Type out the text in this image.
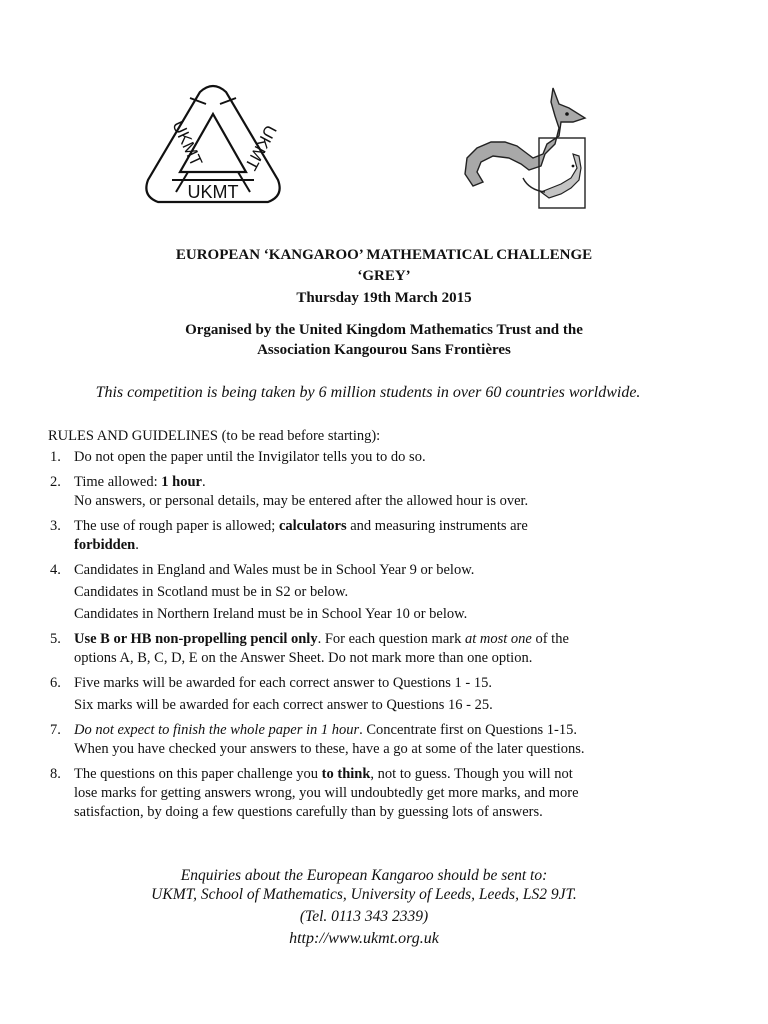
UKMT UKMT
UKMT
EUROPEAN ‘KANGAROO’ MATHEMATICAL CHALLENGE
‘GREY’
Thursday 19th March 2015
Organised by the United Kingdom Mathematics Trust and the
Association Kangourou Sans Frontières
This competition is being taken by 6 million students in over 60 countries worldwide.
RULES AND GUIDELINES (to be read before starting):
1. Do not open the paper until the Invigilator tells you to do so.
2. Time allowed: 1 hour.
No answers, or personal details, may be entered after the allowed hour is over.
3. The use of rough paper is allowed; calculators and measuring instruments are
forbidden.
4. Candidates in England and Wales must be in School Year 9 or below.
Candidates in Scotland must be in S2 or below.
Candidates in Northern Ireland must be in School Year 10 or below.
5. Use B or HB non-propelling pencil only. For each question mark at most one of the
options A, B, C, D, E on the Answer Sheet. Do not mark more than one option.
6. Five marks will be awarded for each correct answer to Questions 1 - 15.
Six marks will be awarded for each correct answer to Questions 16 - 25.
7. Do not expect to finish the whole paper in 1 hour. Concentrate first on Questions 1-15.
When you have checked your answers to these, have a go at some of the later questions.
8. The questions on this paper challenge you to think, not to guess. Though you will not
lose marks for getting answers wrong, you will undoubtedly get more marks, and more
satisfaction, by doing a few questions carefully than by guessing lots of answers.
Enquiries about the European Kangaroo should be sent to:
UKMT, School of Mathematics, University of Leeds, Leeds, LS2 9JT.
(Tel. 0113 343 2339)
http://www.ukmt.org.uk
